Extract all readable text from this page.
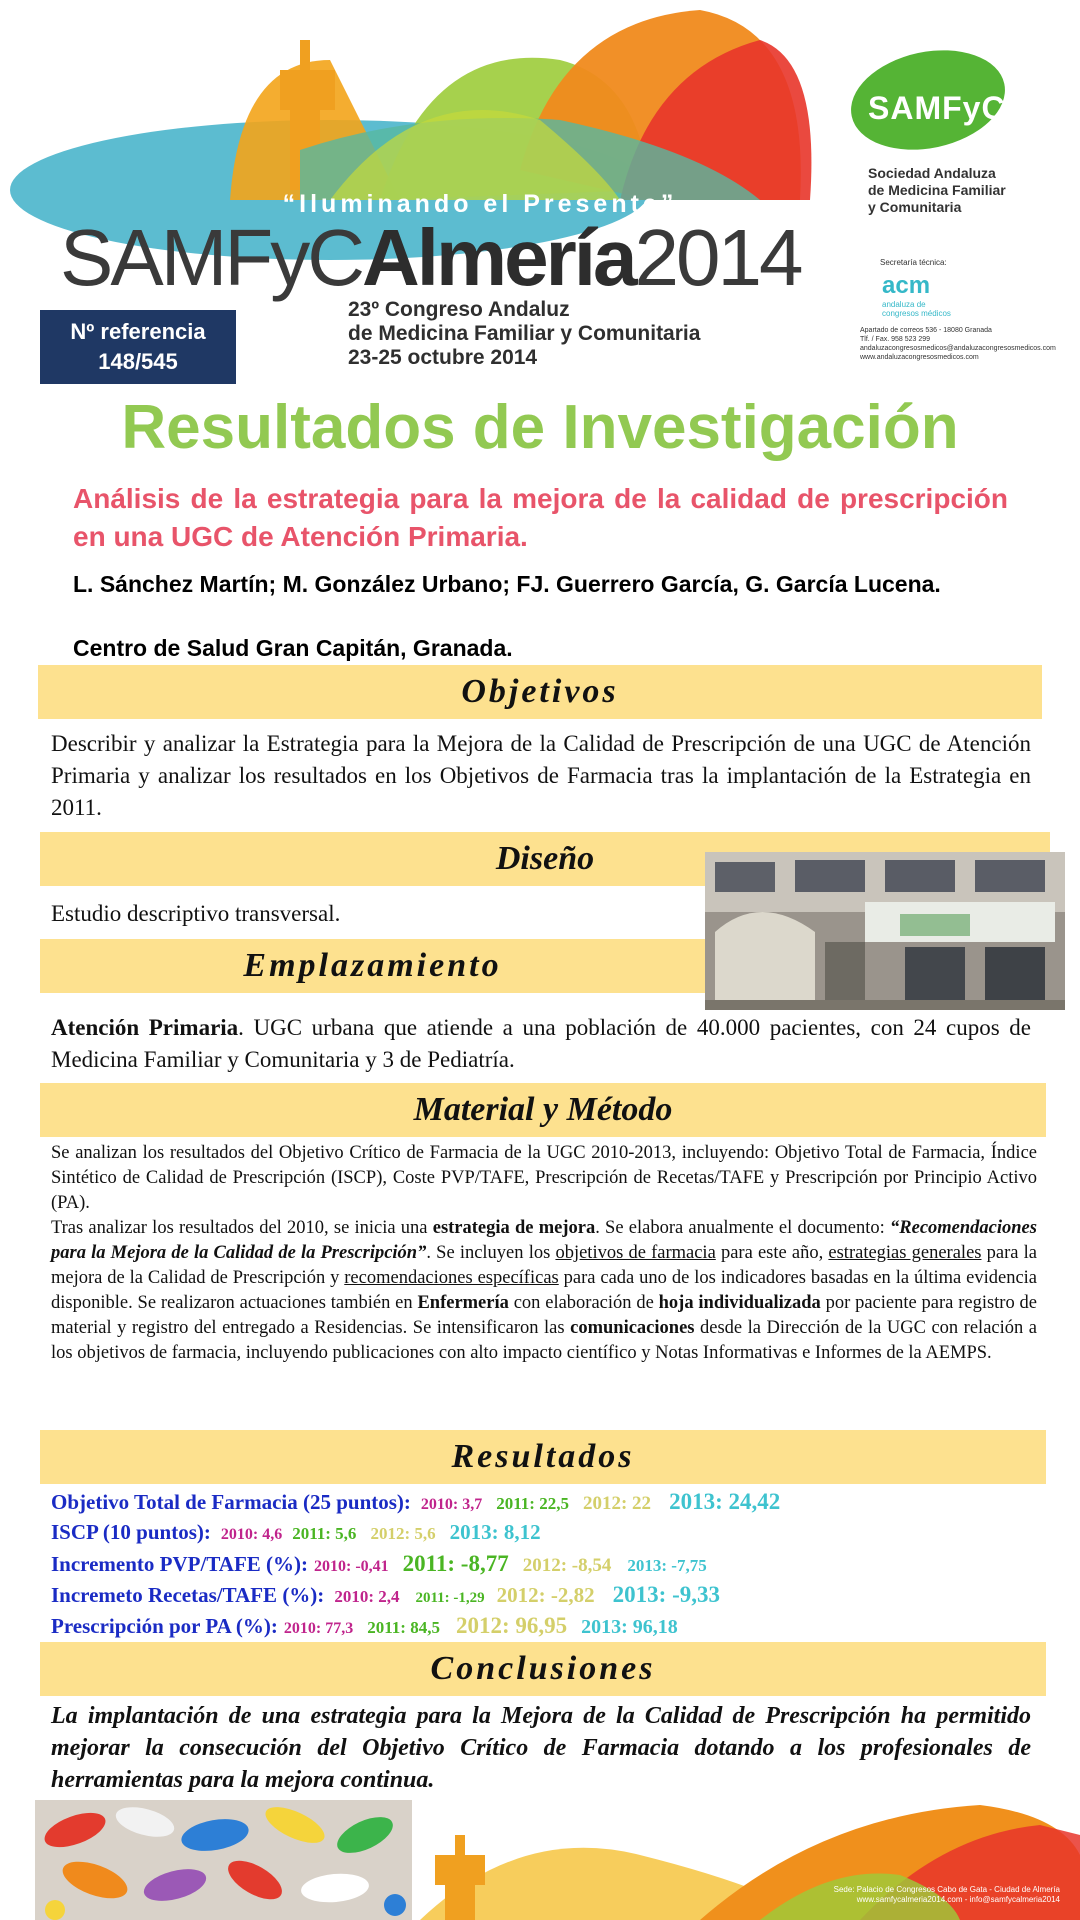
“Iluminando el Presente”
SAMFyCAlmería2014
23º Congreso Andaluz
de Medicina Familiar y Comunitaria
23-25 octubre 2014
Nº referencia
148/545
SAMFyC
Sociedad Andaluza
de Medicina Familiar
y Comunitaria
Secretaría técnica:
acm
andaluza de congresos médicos
Apartado de correos 536 - 18080 Granada
Tlf. / Fax. 958 523 299
andaluzacongresosmedicos@andaluzacongresosmedicos.com
www.andaluzacongresosmedicos.com
Resultados de Investigación
Análisis de la estrategia para la mejora de la calidad de prescripción en una UGC de Atención Primaria.
L. Sánchez Martín; M. González Urbano; FJ. Guerrero García, G. García Lucena.
Centro de Salud Gran Capitán, Granada.
Objetivos
Describir y analizar la Estrategia para la Mejora de la Calidad de Prescripción de una UGC de Atención Primaria y analizar los resultados en los Objetivos de Farmacia tras la implantación de la Estrategia en 2011.
Diseño
Estudio descriptivo transversal.
Emplazamiento
Atención Primaria. UGC urbana que atiende a una población de 40.000 pacientes, con 24 cupos de Medicina Familiar y Comunitaria y 3 de Pediatría.
Material y Método
Se analizan los resultados del Objetivo Crítico de Farmacia de la UGC 2010-2013, incluyendo: Objetivo Total de Farmacia, Índice Sintético de Calidad de Prescripción (ISCP), Coste PVP/TAFE, Prescripción de Recetas/TAFE y Prescripción por Principio Activo (PA).
Tras analizar los resultados del 2010, se inicia una estrategia de mejora. Se elabora anualmente el documento: “Recomendaciones para la Mejora de la Calidad de la Prescripción”. Se incluyen los objetivos de farmacia para este año, estrategias generales para la mejora de la Calidad de Prescripción y recomendaciones específicas para cada uno de los indicadores basadas en la última evidencia disponible. Se realizaron actuaciones también en Enfermería con elaboración de hoja individualizada por paciente para registro de material y registro del entregado a Residencias. Se intensificaron las comunicaciones desde la Dirección de la UGC con relación a los objetivos de farmacia, incluyendo publicaciones con alto impacto científico y Notas Informativas e Informes de la AEMPS.
Resultados
Objetivo Total de Farmacia (25 puntos): 2010: 3,7 2011: 22,5 2012: 22 2013: 24,42
ISCP (10 puntos): 2010: 4,6 2011: 5,6 2012: 5,6 2013: 8,12
Incremento PVP/TAFE (%): 2010: -0,41 2011: -8,77 2012: -8,54 2013: -7,75
Incremeto Recetas/TAFE (%): 2010: 2,4 2011: -1,29 2012: -2,82 2013: -9,33
Prescripción por PA (%): 2010: 77,3 2011: 84,5 2012: 96,95 2013: 96,18
Conclusiones
La implantación de una estrategia para la Mejora de la Calidad de Prescripción ha permitido mejorar la consecución del Objetivo Crítico de Farmacia dotando a los profesionales de herramientas para la mejora continua.
Sede: Palacio de Congresos Cabo de Gata - Ciudad de Almería
www.samfycalmeria2014.com - info@samfycalmeria2014
